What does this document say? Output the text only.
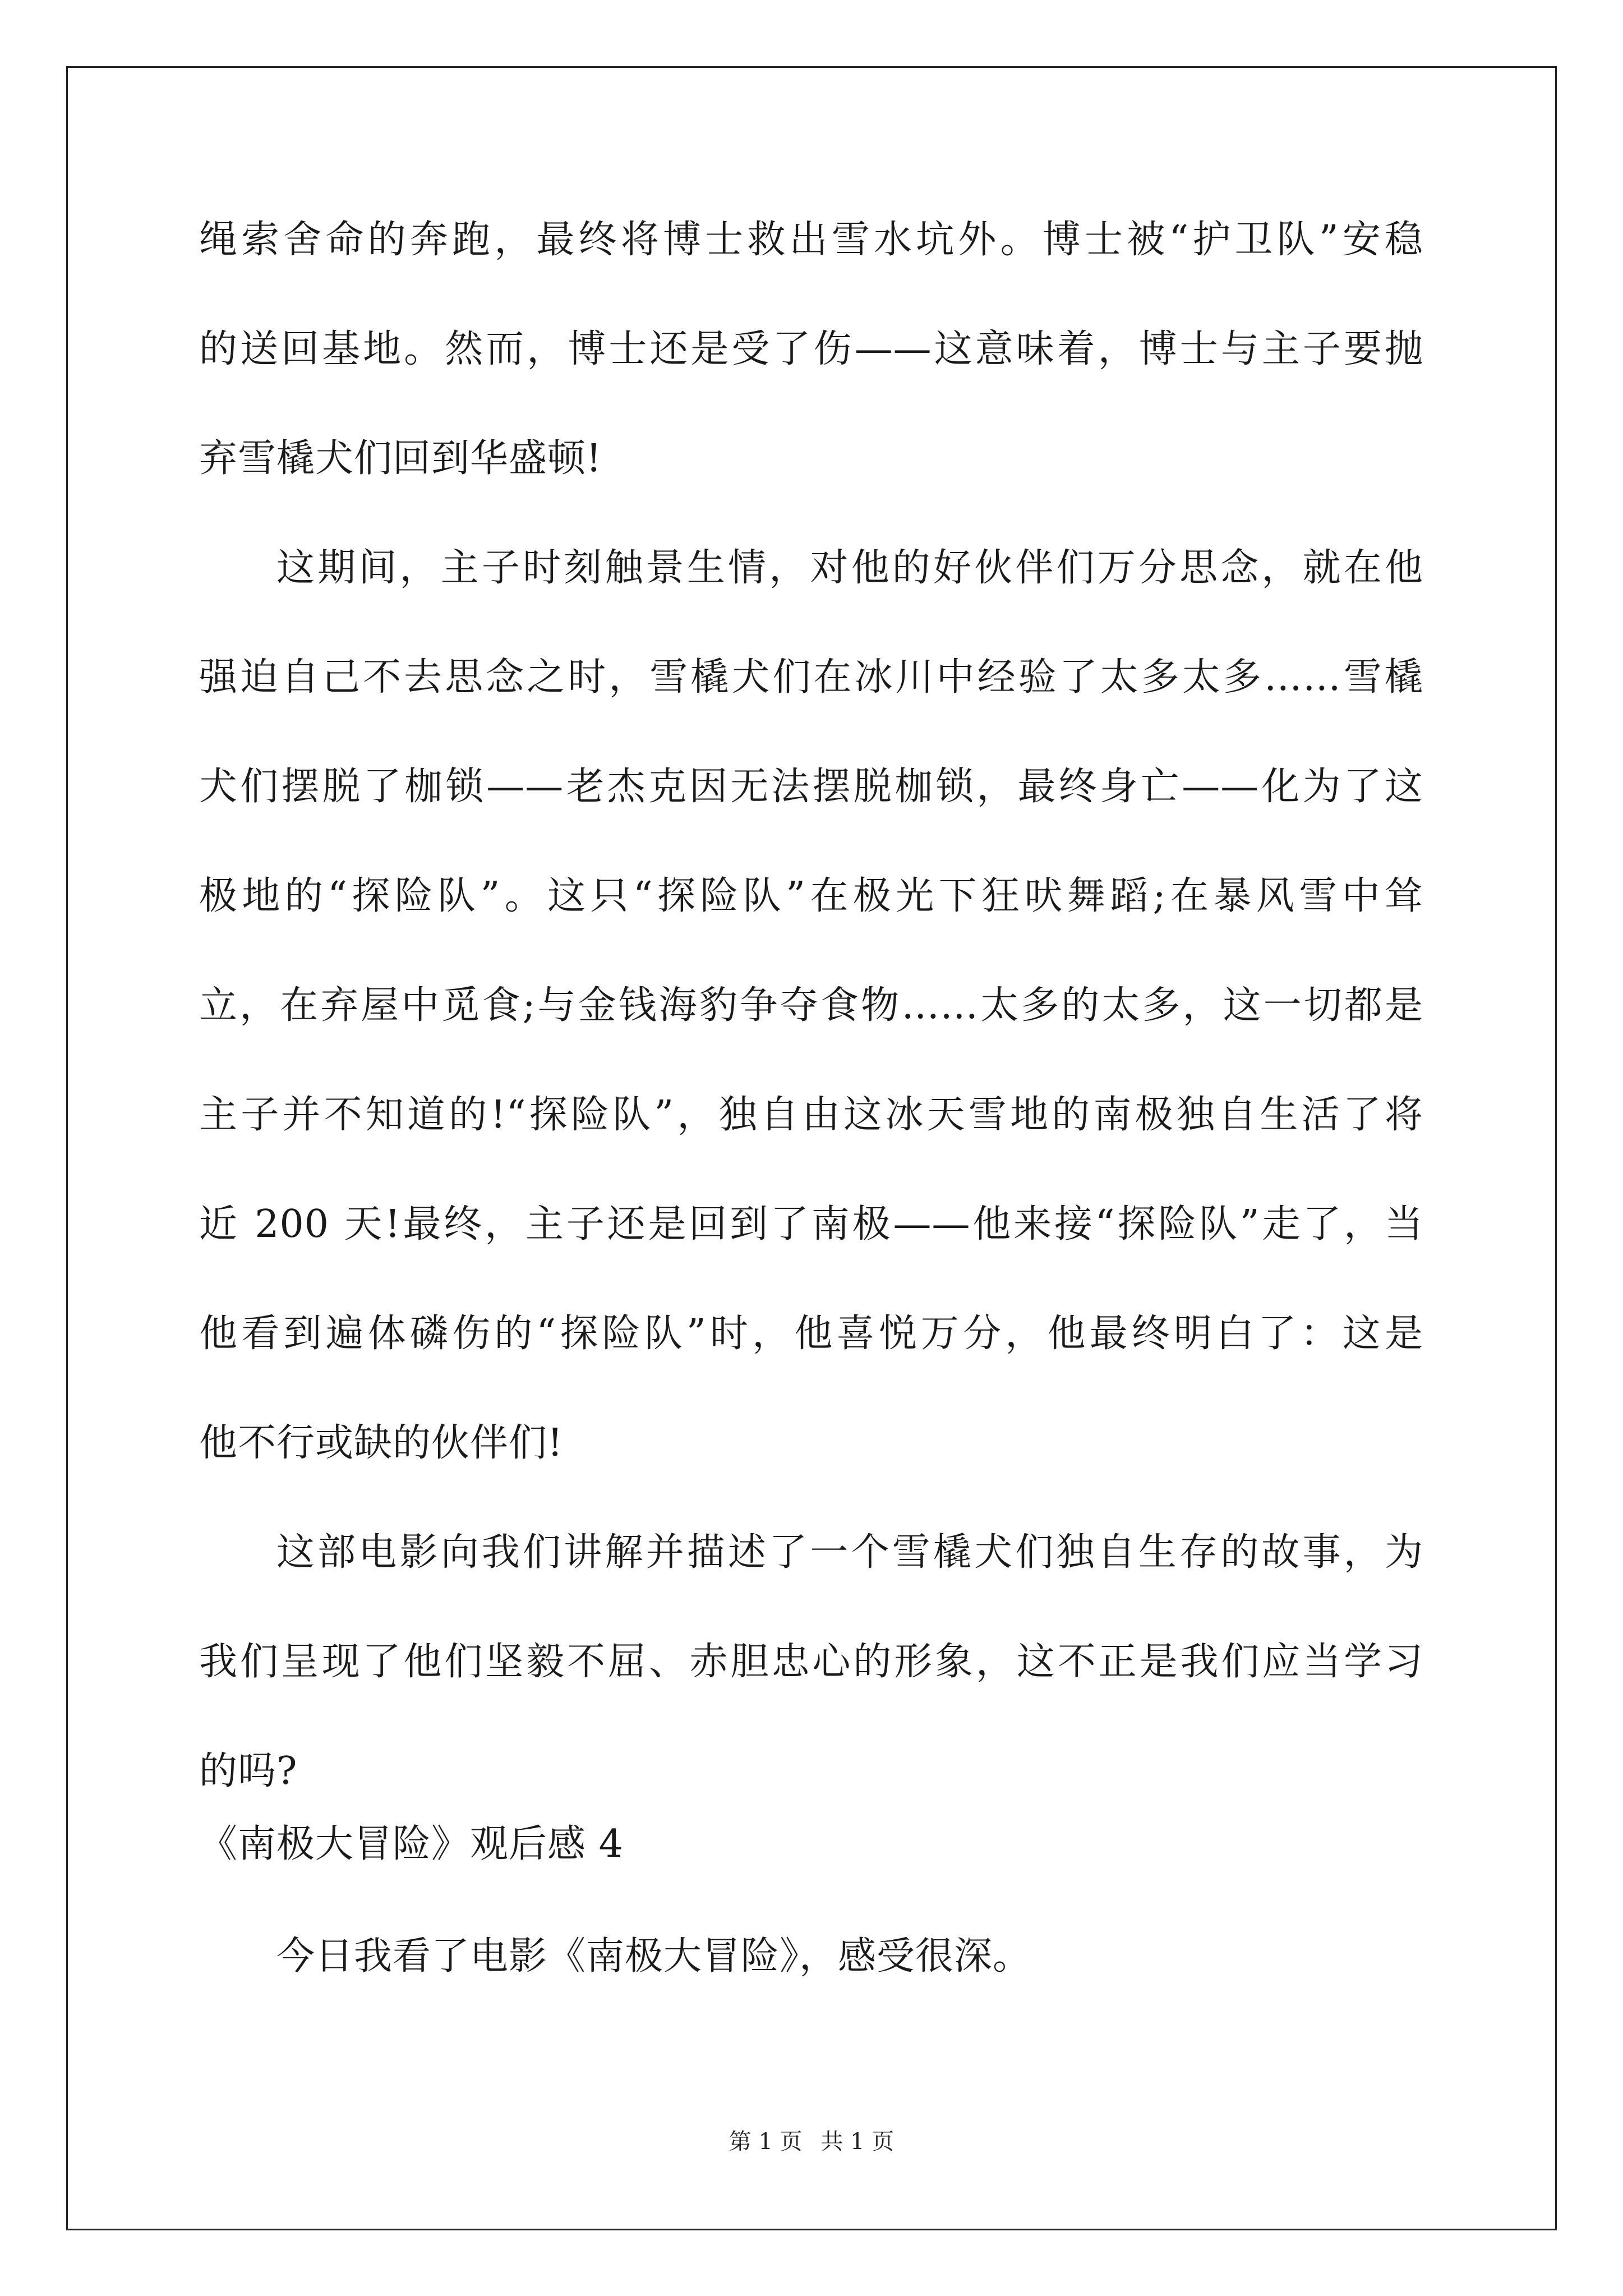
绳索舍命的奔跑，最终将博士救出雪水坑外。博士被“护卫队”安稳
的送回基地。然而，博士还是受了伤——这意味着，博士与主子要抛
弃雪橇犬们回到华盛顿!
这期间，主子时刻触景生情，对他的好伙伴们万分思念，就在他
强迫自己不去思念之时，雪橇犬们在冰川中经验了太多太多……雪橇
犬们摆脱了枷锁——老杰克因无法摆脱枷锁，最终身亡——化为了这
极地的“探险队”。这只“探险队”在极光下狂吠舞蹈;在暴风雪中耸
立，在弃屋中觅食;与金钱海豹争夺食物……太多的太多，这一切都是
主子并不知道的!“探险队”，独自由这冰天雪地的南极独自生活了将
近 200 天!最终，主子还是回到了南极——他来接“探险队”走了，当
他看到遍体磷伤的“探险队”时，他喜悦万分，他最终明白了：这是
他不行或缺的伙伴们!
这部电影向我们讲解并描述了一个雪橇犬们独自生存的故事，为
我们呈现了他们坚毅不屈、赤胆忠心的形象，这不正是我们应当学习
的吗?
《南极大冒险》观后感 4
今日我看了电影《南极大冒险》，感受很深。
第 1 页 共 1 页
